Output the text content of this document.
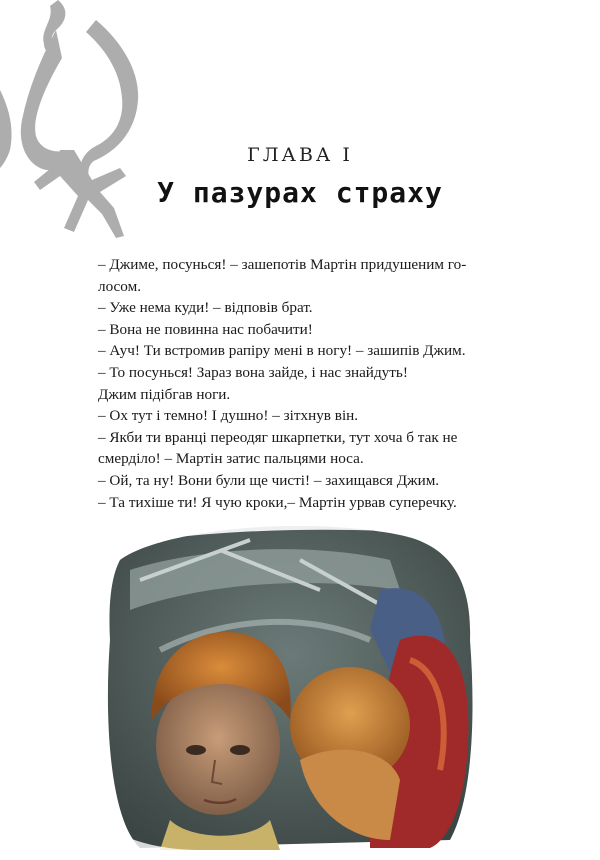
ГЛАВА І
У пазурах страху

– Джиме, посунься! – зашепотів Мартін придушеним го-

лосом.

– Уже нема куди! – відповів брат.

– Вона не повинна нас побачити!

– Ауч! Ти встромив рапіру мені в ногу! – зашипів Джим.

– То посунься! Зараз вона зайде, і нас знайдуть!

Джим підібгав ноги.

– Ох тут і темно! І душно! – зітхнув він.

– Якби ти вранці переодяг шкарпетки, тут хоча б так не

смерділо! – Мартін затис пальцями носа.

– Ой, та ну! Вони були ще чисті! – захищався Джим.

– Та тихіше ти! Я чую кроки,– Мартін урвав суперечку.
